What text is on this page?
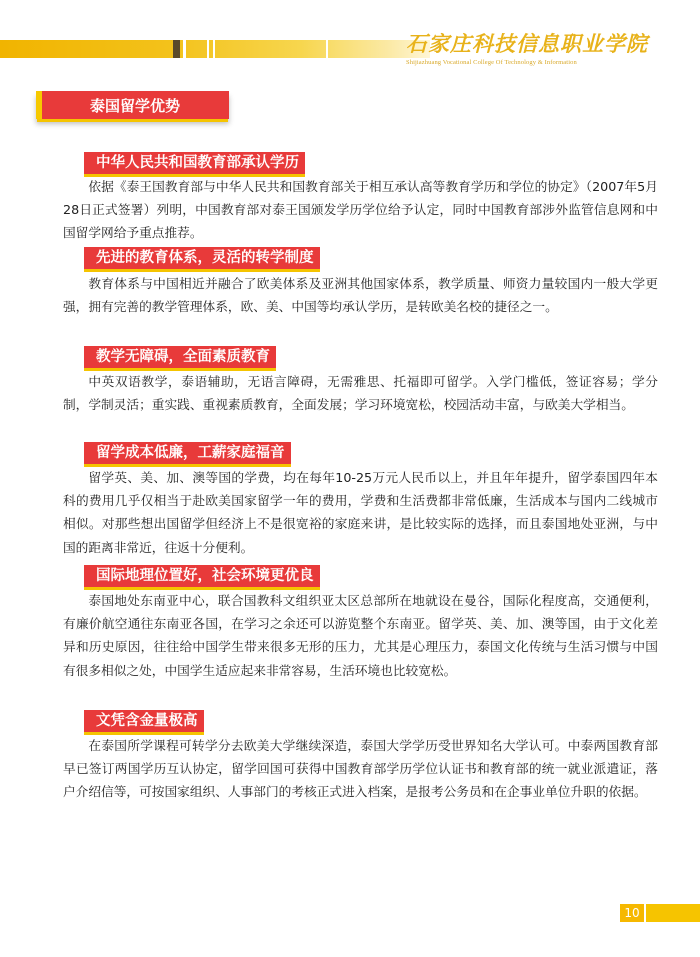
石家庄科技信息职业学院
Shijiazhuang Vocational College Of Technology & Information
泰国留学优势
中华人民共和国教育部承认学历

依据《泰王国教育部与中华人民共和国教育部关于相互承认高等教育学历和学位的协定》（2007年5月28日正式签署）列明，中国教育部对泰王国颁发学历学位给予认定，同时中国教育部涉外监管信息网和中国留学网给予重点推荐。

先进的教育体系，灵活的转学制度

教育体系与中国相近并融合了欧美体系及亚洲其他国家体系，教学质量、师资力量较国内一般大学更强，拥有完善的教学管理体系，欧、美、中国等均承认学历，是转欧美名校的捷径之一。

教学无障碍，全面素质教育

中英双语教学，泰语辅助，无语言障碍，无需雅思、托福即可留学。入学门槛低，签证容易；学分制，学制灵活；重实践、重视素质教育，全面发展；学习环境宽松，校园活动丰富，与欧美大学相当。

留学成本低廉，工薪家庭福音

留学英、美、加、澳等国的学费，均在每年10-25万元人民币以上，并且年年提升，留学泰国四年本科的费用几乎仅相当于赴欧美国家留学一年的费用，学费和生活费都非常低廉，生活成本与国内二线城市相似。对那些想出国留学但经济上不是很宽裕的家庭来讲，是比较实际的选择，而且泰国地处亚洲，与中国的距离非常近，往返十分便利。

国际地理位置好，社会环境更优良

泰国地处东南亚中心，联合国教科文组织亚太区总部所在地就设在曼谷，国际化程度高，交通便利，有廉价航空通往东南亚各国，在学习之余还可以游览整个东南亚。留学英、美、加、澳等国，由于文化差异和历史原因，往往给中国学生带来很多无形的压力，尤其是心理压力，泰国文化传统与生活习惯与中国有很多相似之处，中国学生适应起来非常容易，生活环境也比较宽松。

文凭含金量极高

在泰国所学课程可转学分去欧美大学继续深造，泰国大学学历受世界知名大学认可。中泰两国教育部早已签订两国学历互认协定，留学回国可获得中国教育部学历学位认证书和教育部的统一就业派遣证，落户介绍信等，可按国家组织、人事部门的考核正式进入档案，是报考公务员和在企事业单位升职的依据。

10
